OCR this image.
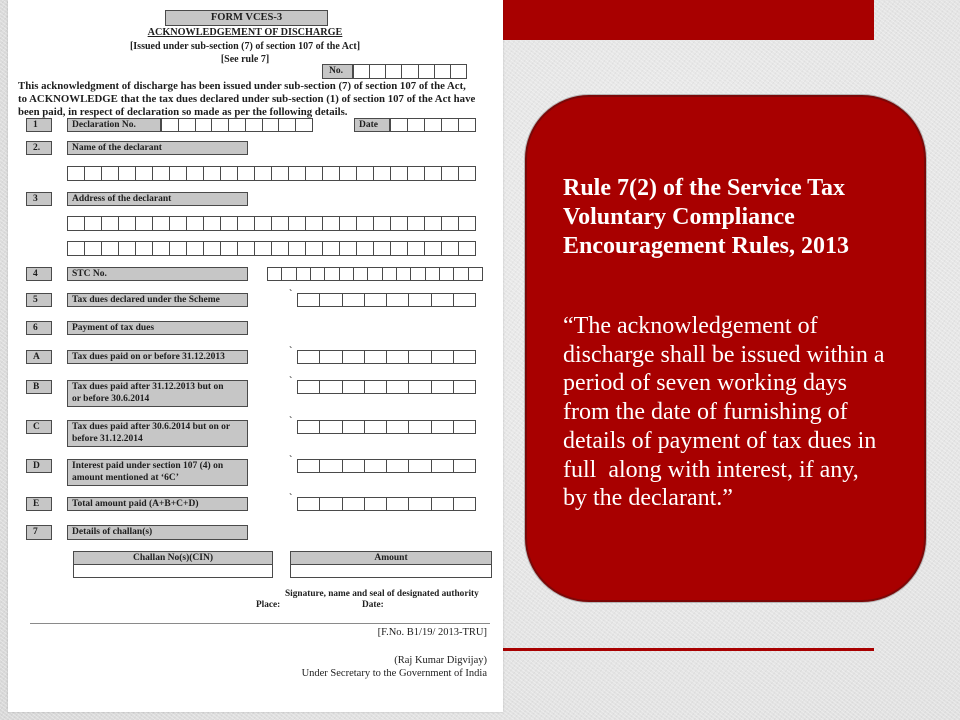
Rule 7(2) of the Service Tax
Voluntary Compliance
Encouragement Rules, 2013
“The acknowledgement of
discharge shall be issued within a
period of seven working days
from the date of furnishing of
details of payment of tax dues in
full  along with interest, if any,
by the declarant.”
FORM VCES-3
ACKNOWLEDGEMENT OF DISCHARGE
[Issued under sub-section (7) of section 107 of the Act]
[See rule 7]
No.
This acknowledgment of discharge has been issued under sub-section (7) of section 107 of the Act,
to ACKNOWLEDGE that the tax dues declared under sub-section (1) of section 107 of the Act have
been paid, in respect of declaration so made as per the following details.
1	Declaration No.	Date
2.	Name of the declarant
3	Address of the declarant
4	STC No.
5	Tax dues declared under the Scheme	`
6	Payment of tax dues
A	Tax dues paid on or before 31.12.2013	`
B	Tax dues paid after 31.12.2013 but on
or before 30.6.2014
`
C	Tax dues paid after 30.6.2014 but on or
before 31.12.2014
`
D	Interest paid under section 107 (4) on
amount mentioned at ‘6C’
`
E	Total amount paid (A+B+C+D)	`
7	Details of challan(s)
Challan No(s)(CIN)	Amount
Signature, name and seal of designated authority
Place:	Date:
[F.No. B1/19/ 2013-TRU]
(Raj Kumar Digvijay)
Under Secretary to the Government of India
